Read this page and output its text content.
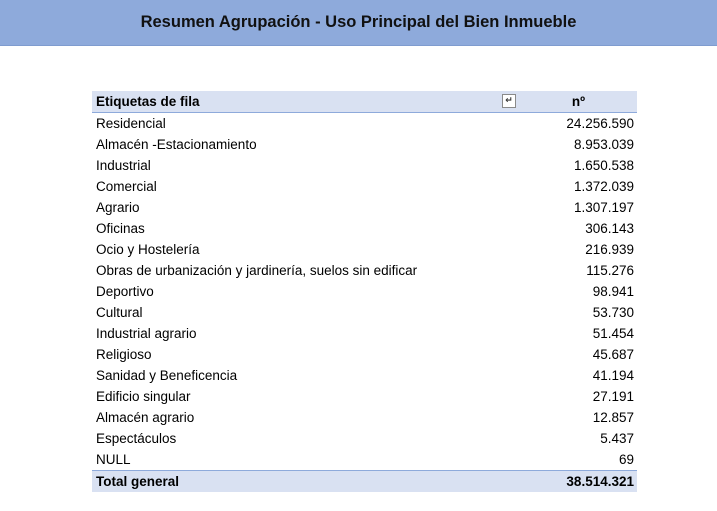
Resumen Agrupación - Uso Principal del Bien Inmueble
Etiquetas de fila ↵	nº
Residencial	24.256.590
Almacén -Estacionamiento	8.953.039
Industrial	1.650.538
Comercial	1.372.039
Agrario	1.307.197
Oficinas	306.143
Ocio y Hostelería	216.939
Obras de urbanización y jardinería, suelos sin edificar	115.276
Deportivo	98.941
Cultural	53.730
Industrial agrario	51.454
Religioso	45.687
Sanidad y Beneficencia	41.194
Edificio singular	27.191
Almacén agrario	12.857
Espectáculos	5.437
NULL	69
Total general	38.514.321
